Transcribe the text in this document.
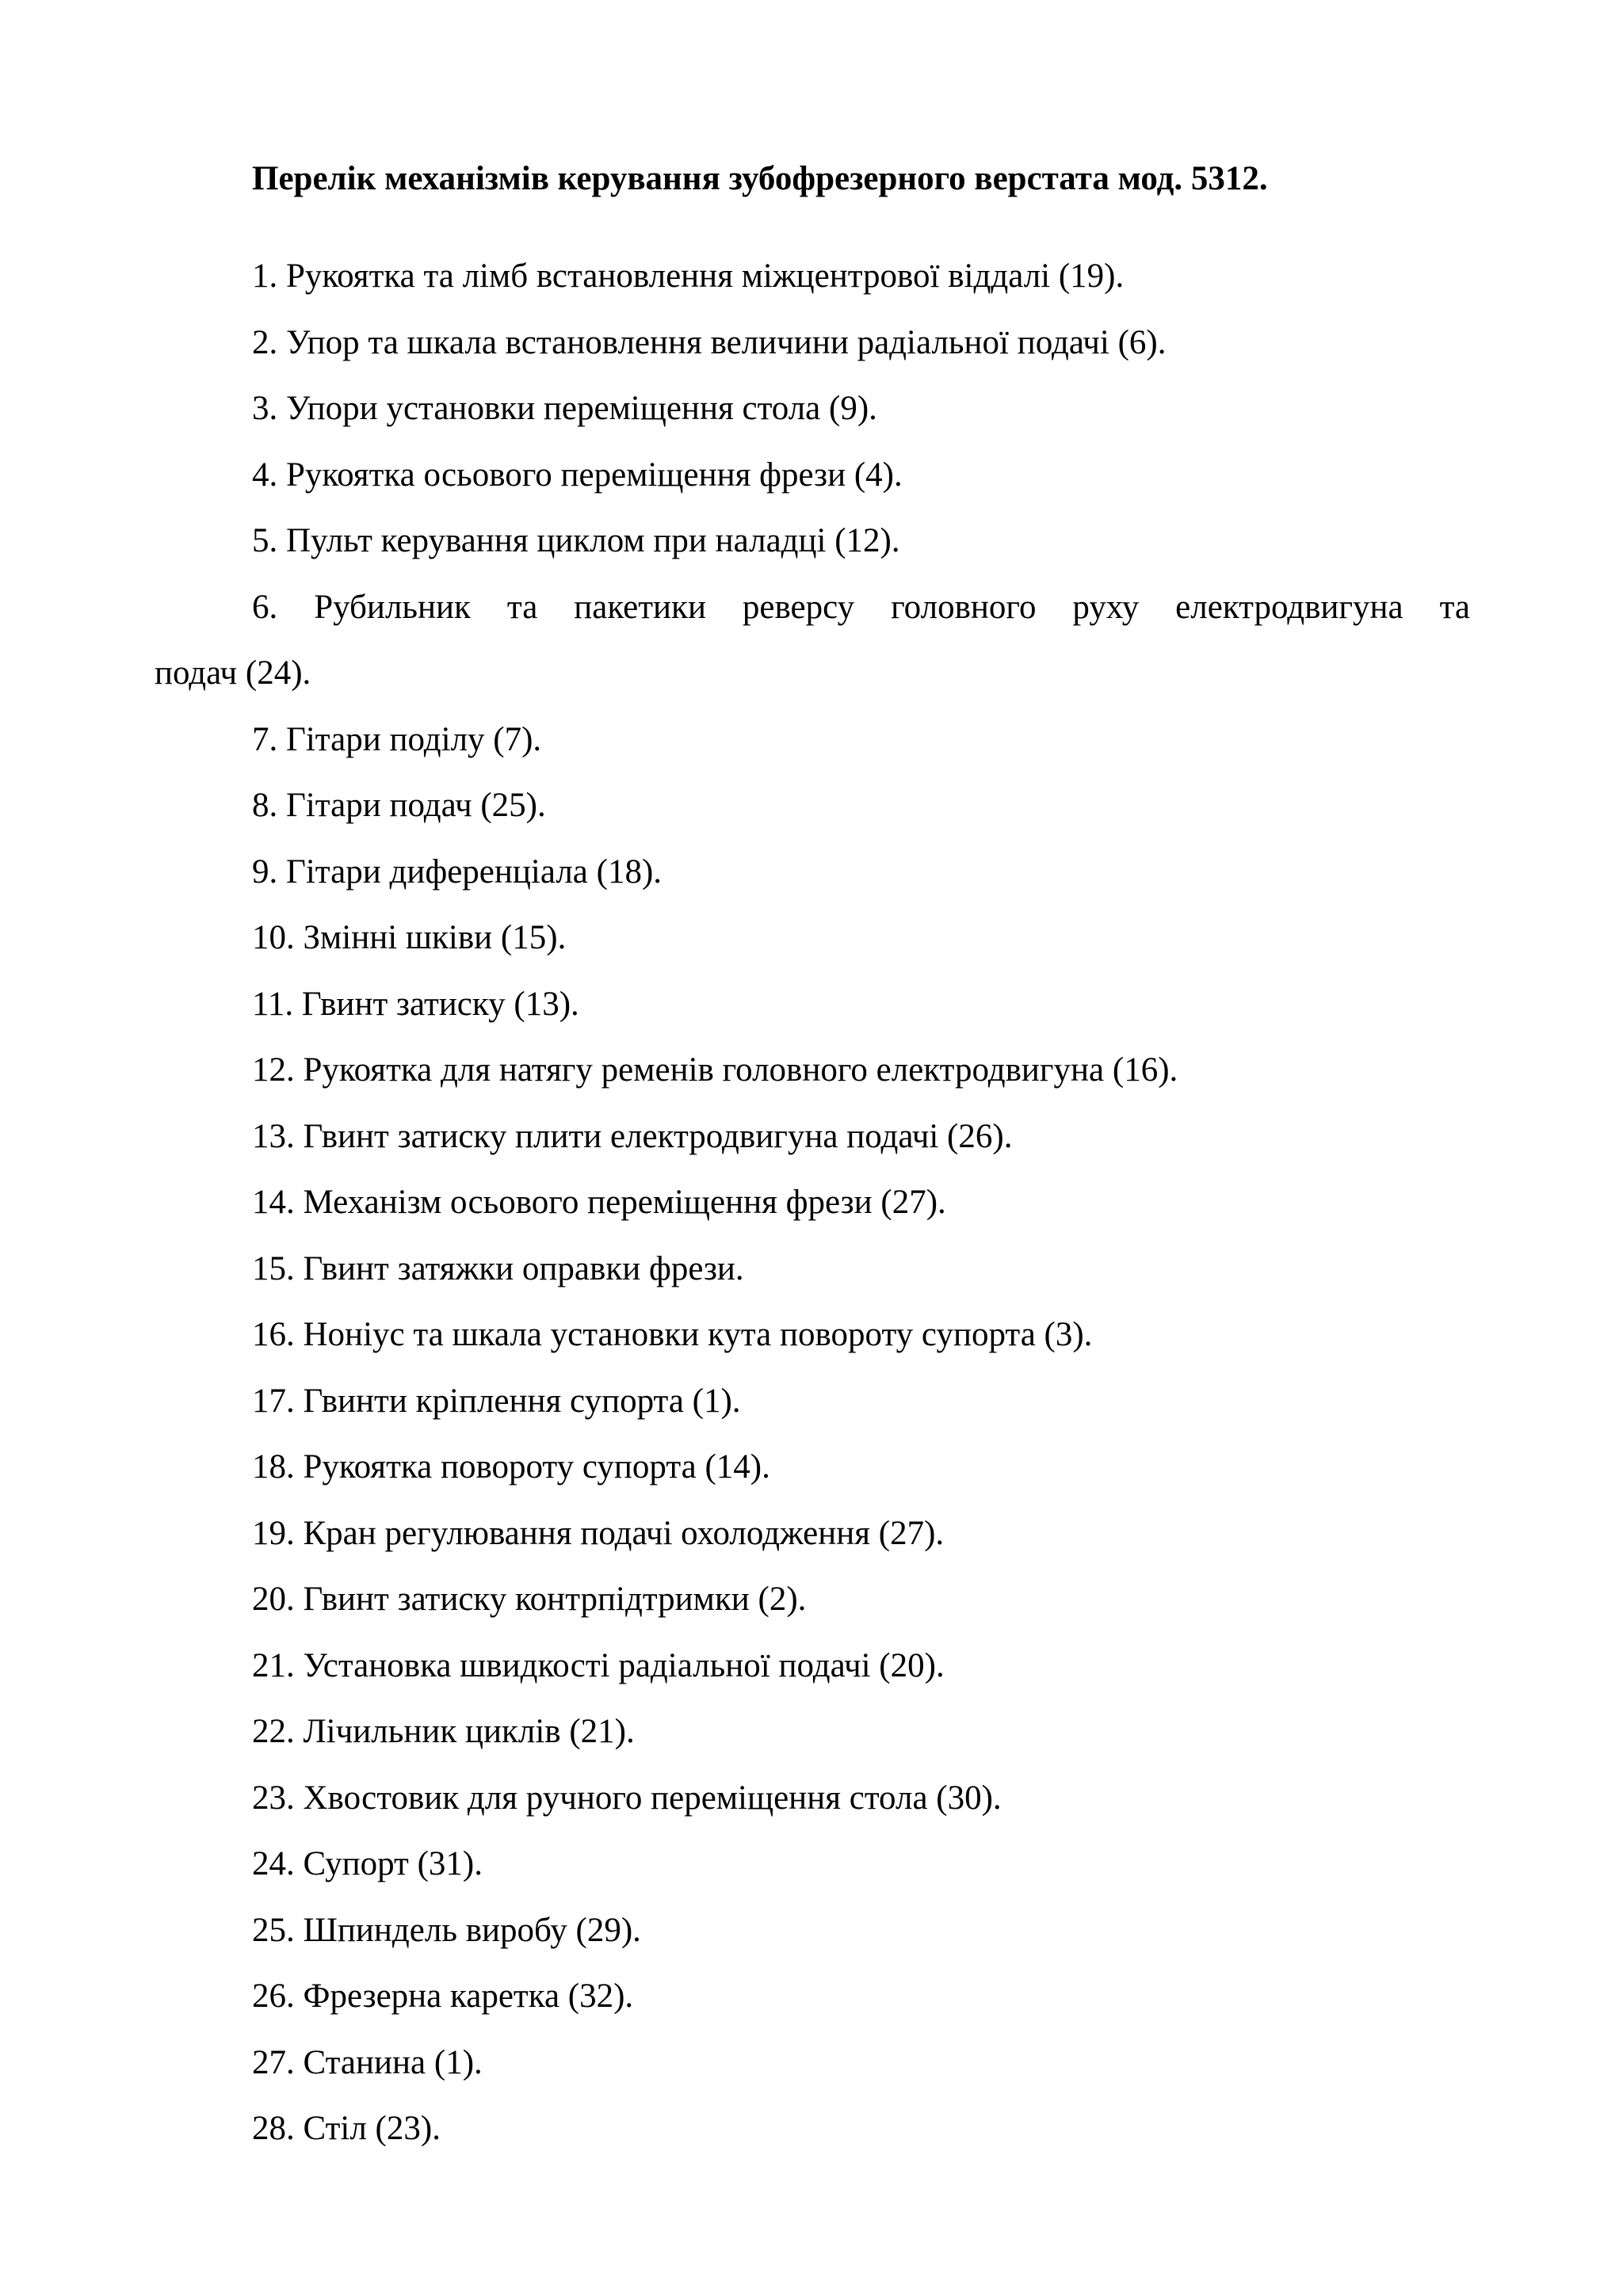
Перелік механізмів керування зубофрезерного верстата мод. 5312.
1. Рукоятка та лімб встановлення міжцентрової віддалі (19).
2. Упор та шкала встановлення величини радіальної подачі (6).
3. Упори установки переміщення стола (9).
4. Рукоятка осьового переміщення фрези (4).
5. Пульт керування циклом при наладці (12).
6. Рубильник та пакетики реверсу головного руху електродвигуна та
подач (24).
7. Гітари поділу (7).
8. Гітари подач (25).
9. Гітари диференціала (18).
10. Змінні шківи (15).
11. Гвинт затиску (13).
12. Рукоятка для натягу ременів головного електродвигуна (16).
13. Гвинт затиску плити електродвигуна подачі (26).
14. Механізм осьового переміщення фрези (27).
15. Гвинт затяжки оправки фрези.
16. Ноніус та шкала установки кута повороту супорта (3).
17. Гвинти кріплення супорта (1).
18. Рукоятка повороту супорта (14).
19. Кран регулювання подачі охолодження (27).
20. Гвинт затиску контрпідтримки (2).
21. Установка швидкості радіальної подачі (20).
22. Лічильник циклів (21).
23. Хвостовик для ручного переміщення стола (30).
24. Супорт (31).
25. Шпиндель виробу (29).
26. Фрезерна каретка (32).
27. Станина (1).
28. Стіл (23).
